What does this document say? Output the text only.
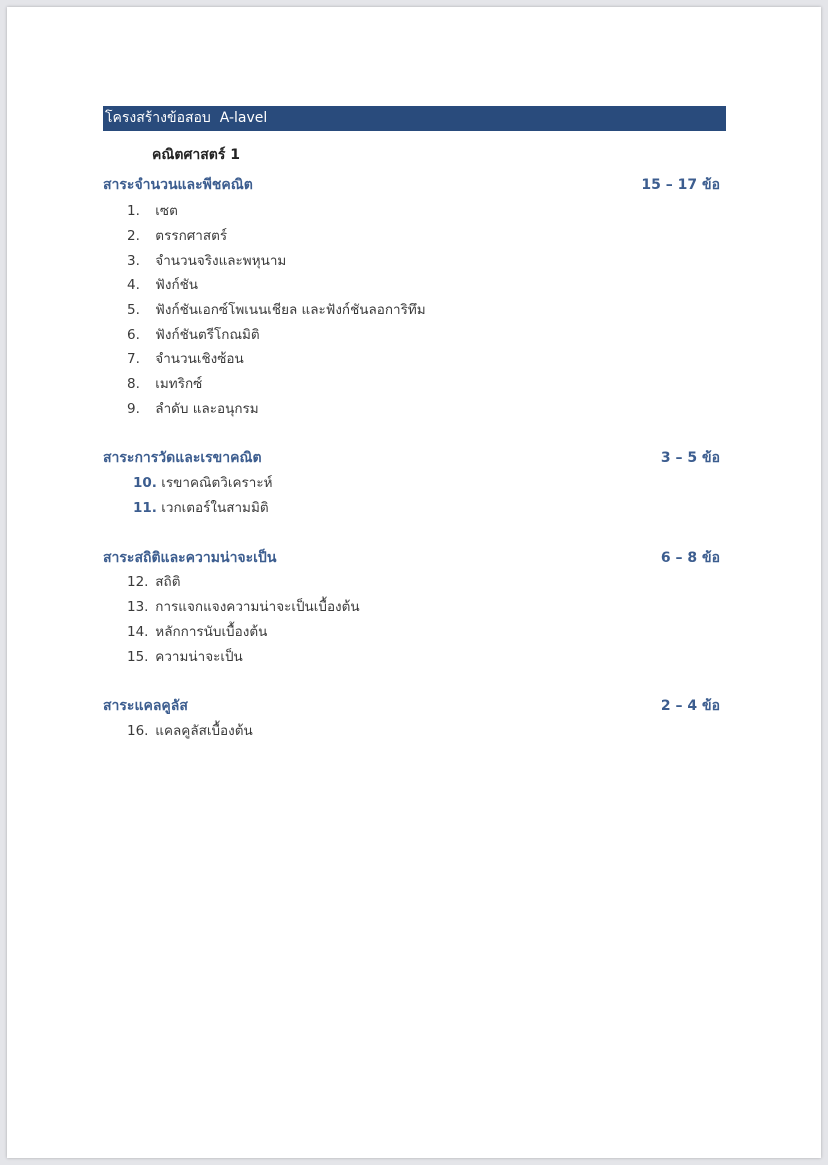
โครงสร้างข้อสอบ  A-lavel
คณิตศาสตร์ 1
สาระจำนวนและพีชคณิต	15 – 17 ข้อ
สาระการวัดและเรขาคณิต	3 – 5 ข้อ
สาระสถิติและความน่าจะเป็น	6 – 8 ข้อ
สาระแคลคูลัส	2 – 4 ข้อ
1. เซต
2. ตรรกศาสตร์
3. จำนวนจริงและพหุนาม
4. ฟังก์ชัน
5. ฟังก์ชันเอกซ์โพเนนเชียล และฟังก์ชันลอการิทึม
6. ฟังก์ชันตรีโกณมิติ
7. จำนวนเชิงซ้อน
8. เมทริกซ์
9. ลำดับ และอนุกรม
10. เรขาคณิตวิเคราะห์
11. เวกเตอร์ในสามมิติ
12. สถิติ
13. การแจกแจงความน่าจะเป็นเบื้องต้น
14. หลักการนับเบื้องต้น
15. ความน่าจะเป็น
16. แคลคูลัสเบื้องต้น
